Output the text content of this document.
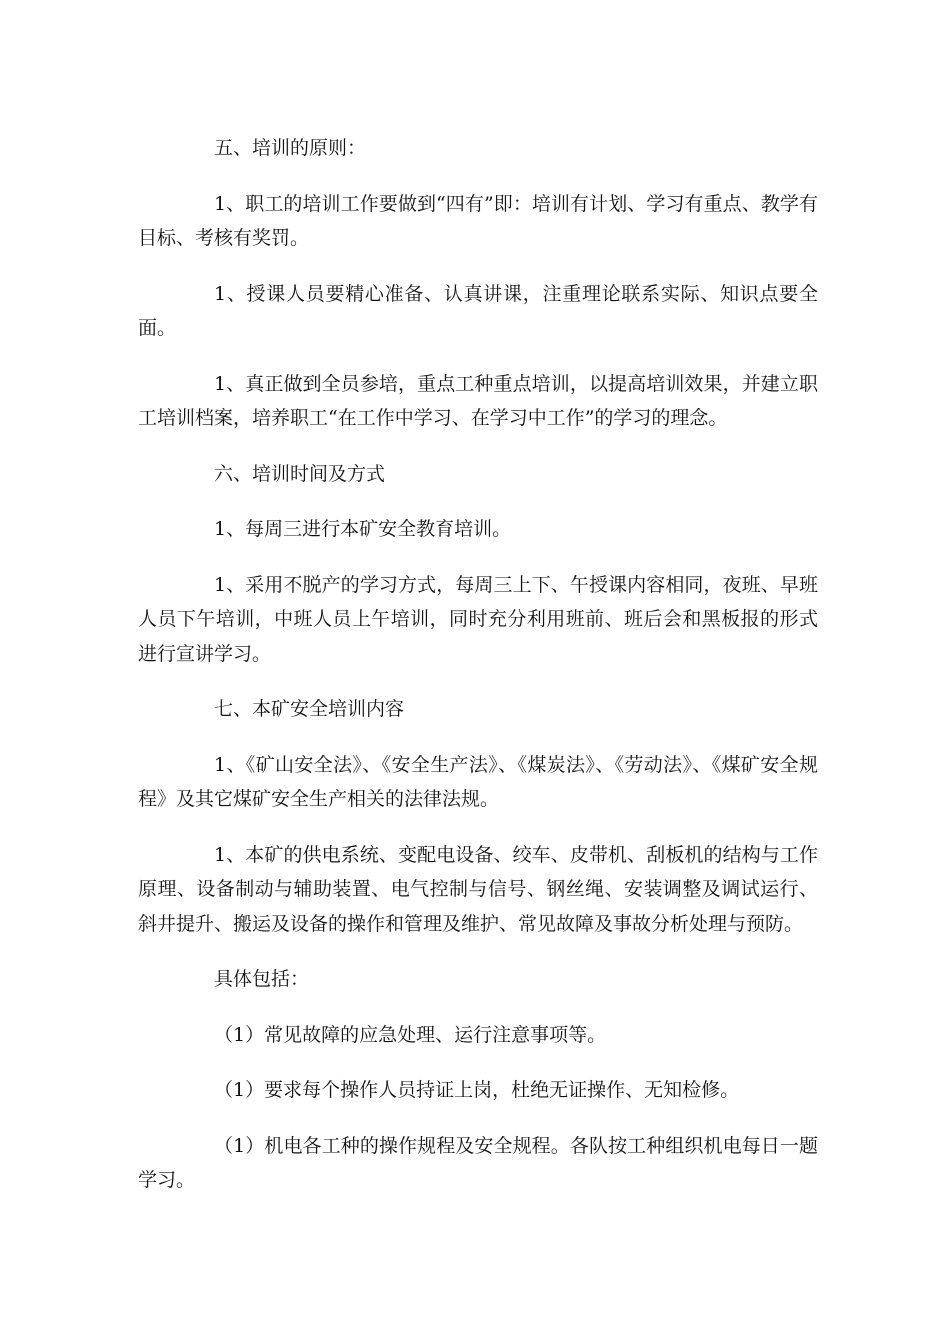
五、培训的原则：

1、职工的培训工作要做到“四有”即：培训有计划、学习有重点、教学有目标、考核有奖罚。

1、授课人员要精心准备、认真讲课，注重理论联系实际、知识点要全面。

1、真正做到全员参培，重点工种重点培训，以提高培训效果，并建立职工培训档案，培养职工“在工作中学习、在学习中工作”的学习的理念。

六、培训时间及方式

1、每周三进行本矿安全教育培训。

1、采用不脱产的学习方式，每周三上下、午授课内容相同，夜班、早班人员下午培训，中班人员上午培训，同时充分利用班前、班后会和黑板报的形式进行宣讲学习。

七、本矿安全培训内容

1、《矿山安全法》、《安全生产法》、《煤炭法》、《劳动法》、《煤矿安全规程》及其它煤矿安全生产相关的法律法规。

1、本矿的供电系统、变配电设备、绞车、皮带机、刮板机的结构与工作原理、设备制动与辅助装置、电气控制与信号、钢丝绳、安装调整及调试运行、斜井提升、搬运及设备的操作和管理及维护、常见故障及事故分析处理与预防。

具体包括：

（1）常见故障的应急处理、运行注意事项等。

（1）要求每个操作人员持证上岗，杜绝无证操作、无知检修。

（1）机电各工种的操作规程及安全规程。各队按工种组织机电每日一题学习。
